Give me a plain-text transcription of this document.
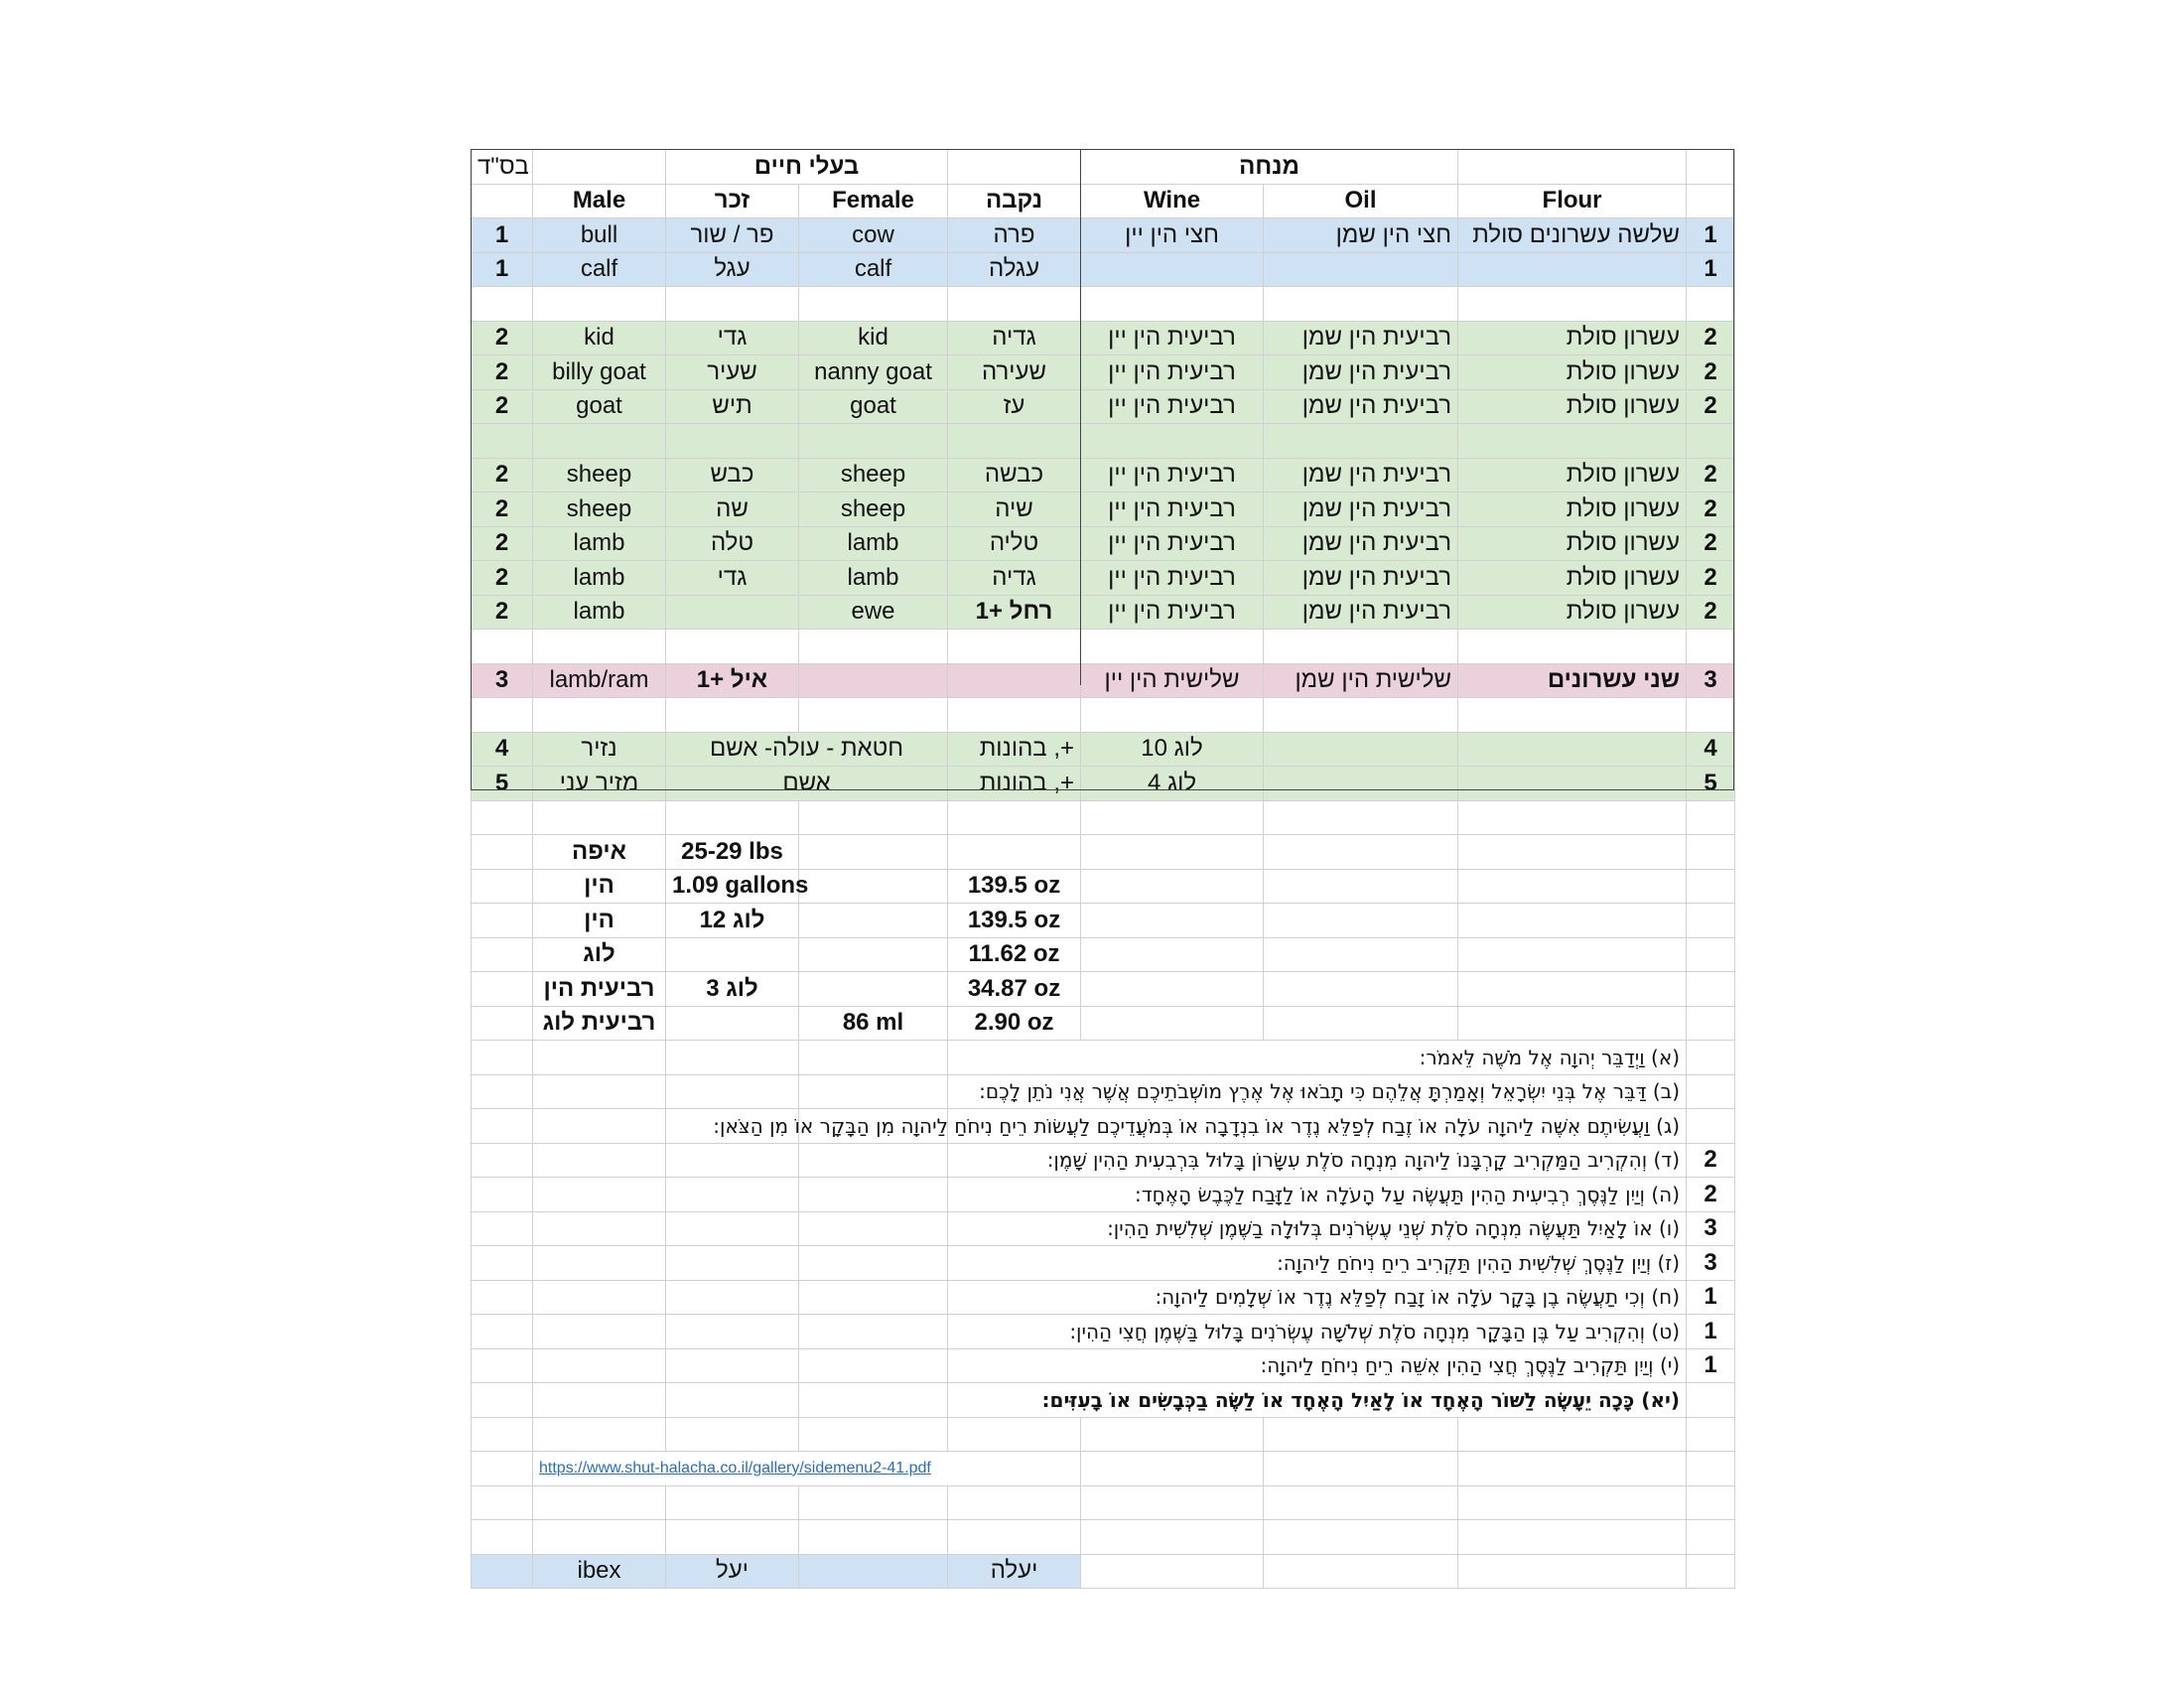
בס"ד		בעלי חיים			מנחה			
	Male	זכר	Female	נקבה	Wine	Oil	Flour	
1	bull	פר / שור	cow	פרה	חצי הין יין	חצי הין שמן	שלשה עשרונים סולת	1
1	calf	עגל	calf	עגלה				1

2	kid	גדי	kid	גדיה	רביעית הין יין	רביעית הין שמן	עשרון סולת	2
2	billy goat	שעיר	nanny goat	שעירה	רביעית הין יין	רביעית הין שמן	עשרון סולת	2
2	goat	תיש	goat	עז	רביעית הין יין	רביעית הין שמן	עשרון סולת	2

2	sheep	כבש	sheep	כבשה	רביעית הין יין	רביעית הין שמן	עשרון סולת	2
2	sheep	שה	sheep	שיה	רביעית הין יין	רביעית הין שמן	עשרון סולת	2
2	lamb	טלה	lamb	טליה	רביעית הין יין	רביעית הין שמן	עשרון סולת	2
2	lamb	גדי	lamb	גדיה	רביעית הין יין	רביעית הין שמן	עשרון סולת	2
2	lamb		ewe	רחל +1	רביעית הין יין	רביעית הין שמן	עשרון סולת	2

3	lamb/ram	איל +1			שלישית הין יין	שלישית הין שמן	שני עשרונים	3

4	נזיר	חטאת - עולה- אשם		בהונות ,+	10 לוג			4
5	מזיר עני	אשם		בהונות ,+	4 לוג			5

	איפה	25-29 lbs						
	הין	1.09 gallons		139.5 oz				
	הין	12 לוג		139.5 oz				
	לוג			11.62 oz				
	רביעית הין	3 לוג		34.87 oz				
	רביעית לוג		86 ml	2.90 oz				
				(א) וַיְדַבֵּר יְהוָה אֶל מֹשֶׁה לֵּאמֹר:				
				(ב) דַּבֵּר אֶל בְּנֵי יִשְׂרָאֵל וְאָמַרְתָּ אֲלֵהֶם כִּי תָבֹאוּ אֶל אֶרֶץ מוֹשְׁבֹתֵיכֶם אֲשֶׁר אֲנִי נֹתֵן לָכֶם:				
				(ג) וַעֲשִׂיתֶם אִשֶּׁה לַיהוָה עֹלָה אוֹ זֶבַח לְפַלֵּא נֶדֶר אוֹ בִנְדָבָה אוֹ בְּמֹעֲדֵיכֶם לַעֲשׂוֹת רֵיחַ נִיחֹחַ לַיהוָה מִן הַבָּקָר אוֹ מִן הַצֹּאן:				
				(ד) וְהִקְרִיב הַמַּקְרִיב קָרְבָּנוֹ לַיהוָה מִנְחָה סֹלֶת עִשָּׂרוֹן בָּלוּל בִּרְבִעִית הַהִין שָׁמֶן:				2
				(ה) וְיַיִן לַנֶּסֶךְ רְבִיעִית הַהִין תַּעֲשֶׂה עַל הָעֹלָה אוֹ לַזָּבַח לַכֶּבֶשׂ הָאֶחָד:				2
				(ו) אוֹ לָאַיִל תַּעֲשֶׂה מִנְחָה סֹלֶת שְׁנֵי עֶשְׂרֹנִים בְּלוּלָה בַשֶּׁמֶן שְׁלִשִׁית הַהִין:				3
				(ז) וְיַיִן לַנֶּסֶךְ שְׁלִשִׁית הַהִין תַּקְרִיב רֵיחַ נִיחֹחַ לַיהוָה:				3
				(ח) וְכִי תַעֲשֶׂה בֶן בָּקָר עֹלָה אוֹ זָבַח לְפַלֵּא נֶדֶר אוֹ שְׁלָמִים לַיהוָה:				1
				(ט) וְהִקְרִיב עַל בֶּן הַבָּקָר מִנְחָה סֹלֶת שְׁלֹשָׁה עֶשְׂרֹנִים בָּלוּל בַּשֶּׁמֶן חֲצִי הַהִין:				1
				(י) וְיַיִן תַּקְרִיב לַנֶּסֶךְ חֲצִי הַהִין אִשֵּׁה רֵיחַ נִיחֹחַ לַיהוָה:				1
				(יא) כָּכָה יֵעָשֶׂה לַשּׁוֹר הָאֶחָד אוֹ לָאַיִל הָאֶחָד אוֹ לַשֶּׂה בַכְּבָשִׂים אוֹ בָעִזִּים:				

	https://www.shut-halacha.co.il/gallery/sidemenu2-41.pdf							

	ibex	יעל		יעלה				
